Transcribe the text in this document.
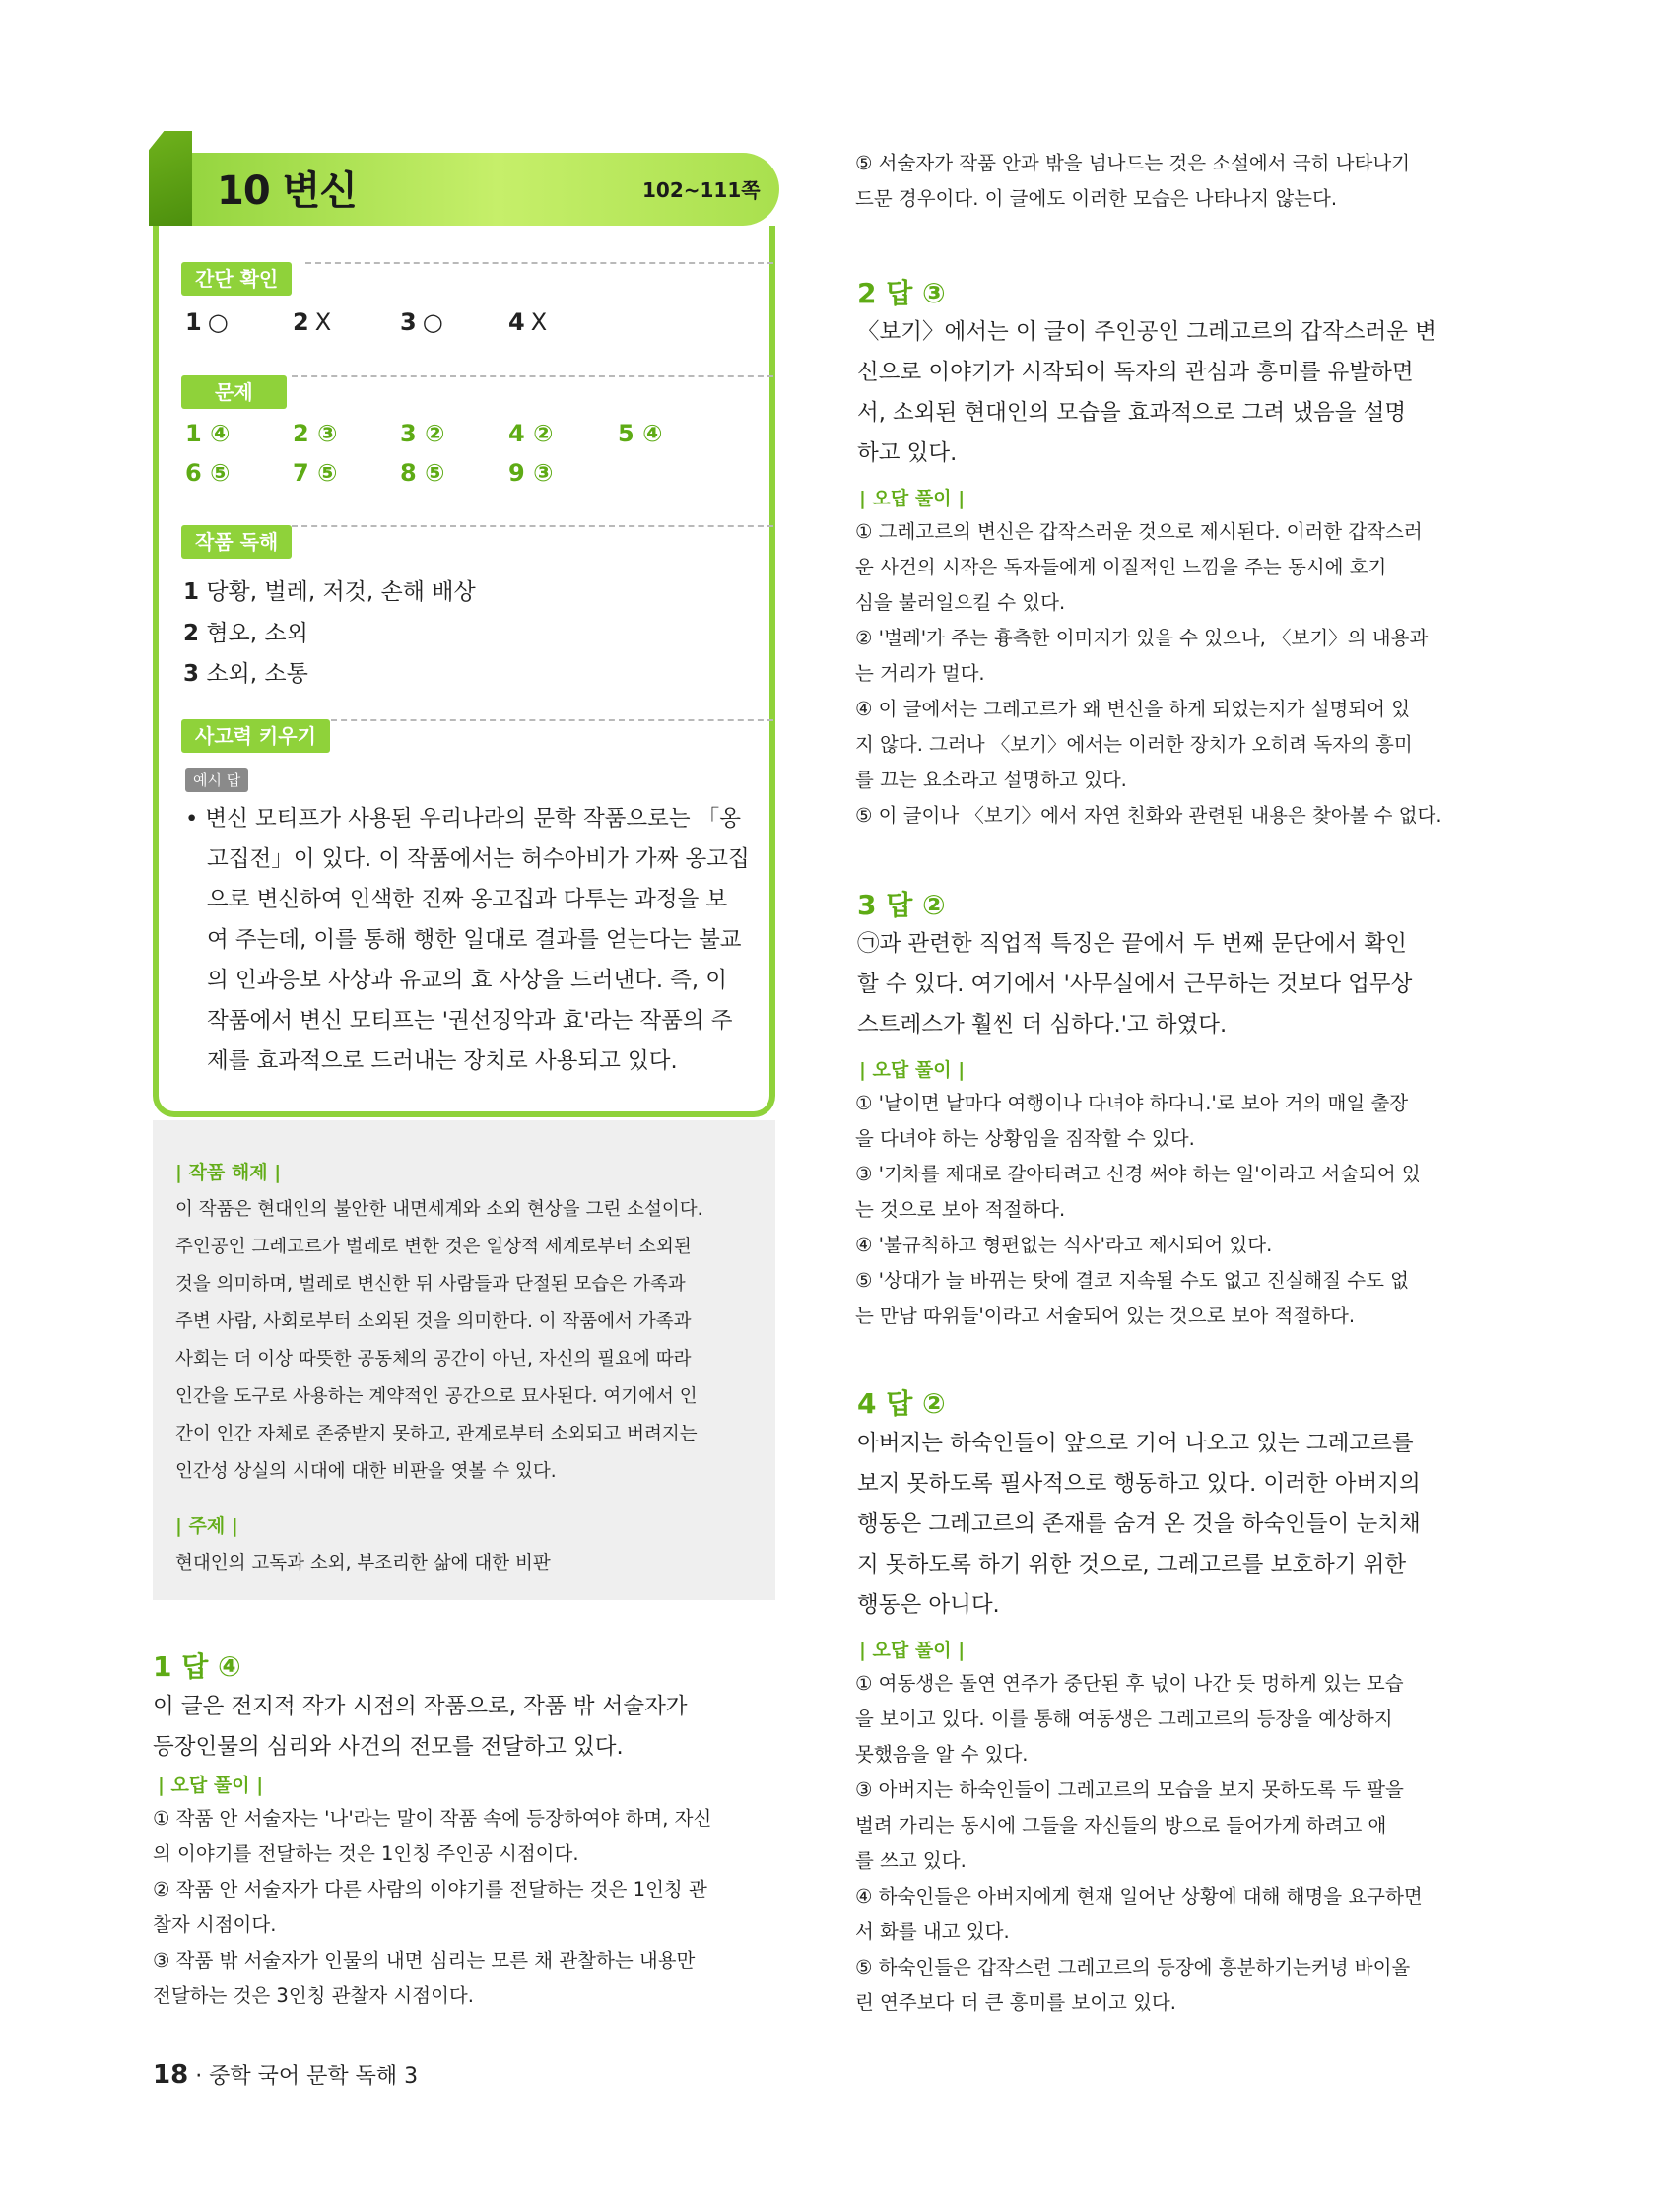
10 변신	102~111쪽
간단 확인
1 ○	2 X	3 ○	4 X
문제
1 ④	2 ③	3 ②	4 ②	5 ④
6 ⑤	7 ⑤	8 ⑤	9 ③
작품 독해
1 당황, 벌레, 저것, 손해 배상
2 혐오, 소외
3 소외, 소통
사고력 키우기
예시 답
• 변신 모티프가 사용된 우리나라의 문학 작품으로는 「옹
고집전」이 있다. 이 작품에서는 허수아비가 가짜 옹고집
으로 변신하여 인색한 진짜 옹고집과 다투는 과정을 보
여 주는데, 이를 통해 행한 일대로 결과를 얻는다는 불교
의 인과응보 사상과 유교의 효 사상을 드러낸다. 즉, 이
작품에서 변신 모티프는 '권선징악과 효'라는 작품의 주
제를 효과적으로 드러내는 장치로 사용되고 있다.
| 작품 해제 |
이 작품은 현대인의 불안한 내면세계와 소외 현상을 그린 소설이다.
주인공인 그레고르가 벌레로 변한 것은 일상적 세계로부터 소외된
것을 의미하며, 벌레로 변신한 뒤 사람들과 단절된 모습은 가족과
주변 사람, 사회로부터 소외된 것을 의미한다. 이 작품에서 가족과
사회는 더 이상 따뜻한 공동체의 공간이 아닌, 자신의 필요에 따라
인간을 도구로 사용하는 계약적인 공간으로 묘사된다. 여기에서 인
간이 인간 자체로 존중받지 못하고, 관계로부터 소외되고 버려지는
인간성 상실의 시대에 대한 비판을 엿볼 수 있다.
| 주제 |
현대인의 고독과 소외, 부조리한 삶에 대한 비판
1 답 ④
이 글은 전지적 작가 시점의 작품으로, 작품 밖 서술자가
등장인물의 심리와 사건의 전모를 전달하고 있다.
| 오답 풀이 |
① 작품 안 서술자는 '나'라는 말이 작품 속에 등장하여야 하며, 자신
의 이야기를 전달하는 것은 1인칭 주인공 시점이다.
② 작품 안 서술자가 다른 사람의 이야기를 전달하는 것은 1인칭 관
찰자 시점이다.
③ 작품 밖 서술자가 인물의 내면 심리는 모른 채 관찰하는 내용만
전달하는 것은 3인칭 관찰자 시점이다.
⑤ 서술자가 작품 안과 밖을 넘나드는 것은 소설에서 극히 나타나기
드문 경우이다. 이 글에도 이러한 모습은 나타나지 않는다.
2 답 ③
〈보기〉에서는 이 글이 주인공인 그레고르의 갑작스러운 변
신으로 이야기가 시작되어 독자의 관심과 흥미를 유발하면
서, 소외된 현대인의 모습을 효과적으로 그려 냈음을 설명
하고 있다.
| 오답 풀이 |
① 그레고르의 변신은 갑작스러운 것으로 제시된다. 이러한 갑작스러
운 사건의 시작은 독자들에게 이질적인 느낌을 주는 동시에 호기
심을 불러일으킬 수 있다.
② '벌레'가 주는 흉측한 이미지가 있을 수 있으나, 〈보기〉의 내용과
는 거리가 멀다.
④ 이 글에서는 그레고르가 왜 변신을 하게 되었는지가 설명되어 있
지 않다. 그러나 〈보기〉에서는 이러한 장치가 오히려 독자의 흥미
를 끄는 요소라고 설명하고 있다.
⑤ 이 글이나 〈보기〉에서 자연 친화와 관련된 내용은 찾아볼 수 없다.
3 답 ②
㉠과 관련한 직업적 특징은 끝에서 두 번째 문단에서 확인
할 수 있다. 여기에서 '사무실에서 근무하는 것보다 업무상
스트레스가 훨씬 더 심하다.'고 하였다.
| 오답 풀이 |
① '날이면 날마다 여행이나 다녀야 하다니.'로 보아 거의 매일 출장
을 다녀야 하는 상황임을 짐작할 수 있다.
③ '기차를 제대로 갈아타려고 신경 써야 하는 일'이라고 서술되어 있
는 것으로 보아 적절하다.
④ '불규칙하고 형편없는 식사'라고 제시되어 있다.
⑤ '상대가 늘 바뀌는 탓에 결코 지속될 수도 없고 진실해질 수도 없
는 만남 따위들'이라고 서술되어 있는 것으로 보아 적절하다.
4 답 ②
아버지는 하숙인들이 앞으로 기어 나오고 있는 그레고르를
보지 못하도록 필사적으로 행동하고 있다. 이러한 아버지의
행동은 그레고르의 존재를 숨겨 온 것을 하숙인들이 눈치채
지 못하도록 하기 위한 것으로, 그레고르를 보호하기 위한
행동은 아니다.
| 오답 풀이 |
① 여동생은 돌연 연주가 중단된 후 넋이 나간 듯 멍하게 있는 모습
을 보이고 있다. 이를 통해 여동생은 그레고르의 등장을 예상하지
못했음을 알 수 있다.
③ 아버지는 하숙인들이 그레고르의 모습을 보지 못하도록 두 팔을
벌려 가리는 동시에 그들을 자신들의 방으로 들어가게 하려고 애
를 쓰고 있다.
④ 하숙인들은 아버지에게 현재 일어난 상황에 대해 해명을 요구하면
서 화를 내고 있다.
⑤ 하숙인들은 갑작스런 그레고르의 등장에 흥분하기는커녕 바이올
린 연주보다 더 큰 흥미를 보이고 있다.
18 · 중학 국어 문학 독해 3
